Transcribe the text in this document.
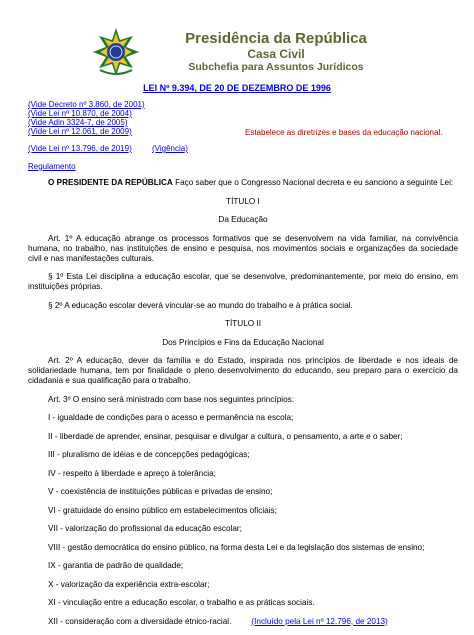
Presidência da República
Casa Civil
Subchefia para Assuntos Jurídicos
LEI Nº 9.394, DE 20 DE DEZEMBRO DE 1996
(Vide Decreto nº 3.860, de 2001)
(Vide Lei nº 10.870, de 2004)
(Vide Adin 3324-7, de 2005)
(Vide Lei nº 12.061, de 2009)	Estabelece as diretrizes e bases da educação nacional.
(Vide Lei nº 13.796, de 2019)	(Vigência)
Regulamento

O PRESIDENTE DA REPÚBLICA Faço saber que o Congresso Nacional decreta e eu sanciono a seguinte Lei:

TÍTULO I

Da Educação

Art. 1º A educação abrange os processos formativos que se desenvolvem na vida familiar, na convivência humana, no trabalho, nas instituições de ensino e pesquisa, nos movimentos sociais e organizações da sociedade civil e nas manifestações culturais.

§ 1º Esta Lei disciplina a educação escolar, que se desenvolve, predominantemente, por meio do ensino, em instituições próprias.

§ 2º A educação escolar deverá vincular-se ao mundo do trabalho e à prática social.

TÍTULO II

Dos Princípios e Fins da Educação Nacional

Art. 2º A educação, dever da família e do Estado, inspirada nos princípios de liberdade e nos ideais de solidariedade humana, tem por finalidade o pleno desenvolvimento do educando, seu preparo para o exercício da cidadania e sua qualificação para o trabalho.

Art. 3º O ensino será ministrado com base nos seguintes princípios:

I - igualdade de condições para o acesso e permanência na escola;

II - liberdade de aprender, ensinar, pesquisar e divulgar a cultura, o pensamento, a arte e o saber;

III - pluralismo de idéias e de concepções pedagógicas;

IV - respeito à liberdade e apreço à tolerância;

V - coexistência de instituições públicas e privadas de ensino;

VI - gratuidade do ensino público em estabelecimentos oficiais;

VII - valorização do profissional da educação escolar;

VIII - gestão democrática do ensino público, na forma desta Lei e da legislação dos sistemas de ensino;

IX - garantia de padrão de qualidade;

X - valorização da experiência extra-escolar;

XI - vinculação entre a educação escolar, o trabalho e as práticas sociais.

XII - consideração com a diversidade étnico-racial. (Incluído pela Lei nº 12.796, de 2013)
